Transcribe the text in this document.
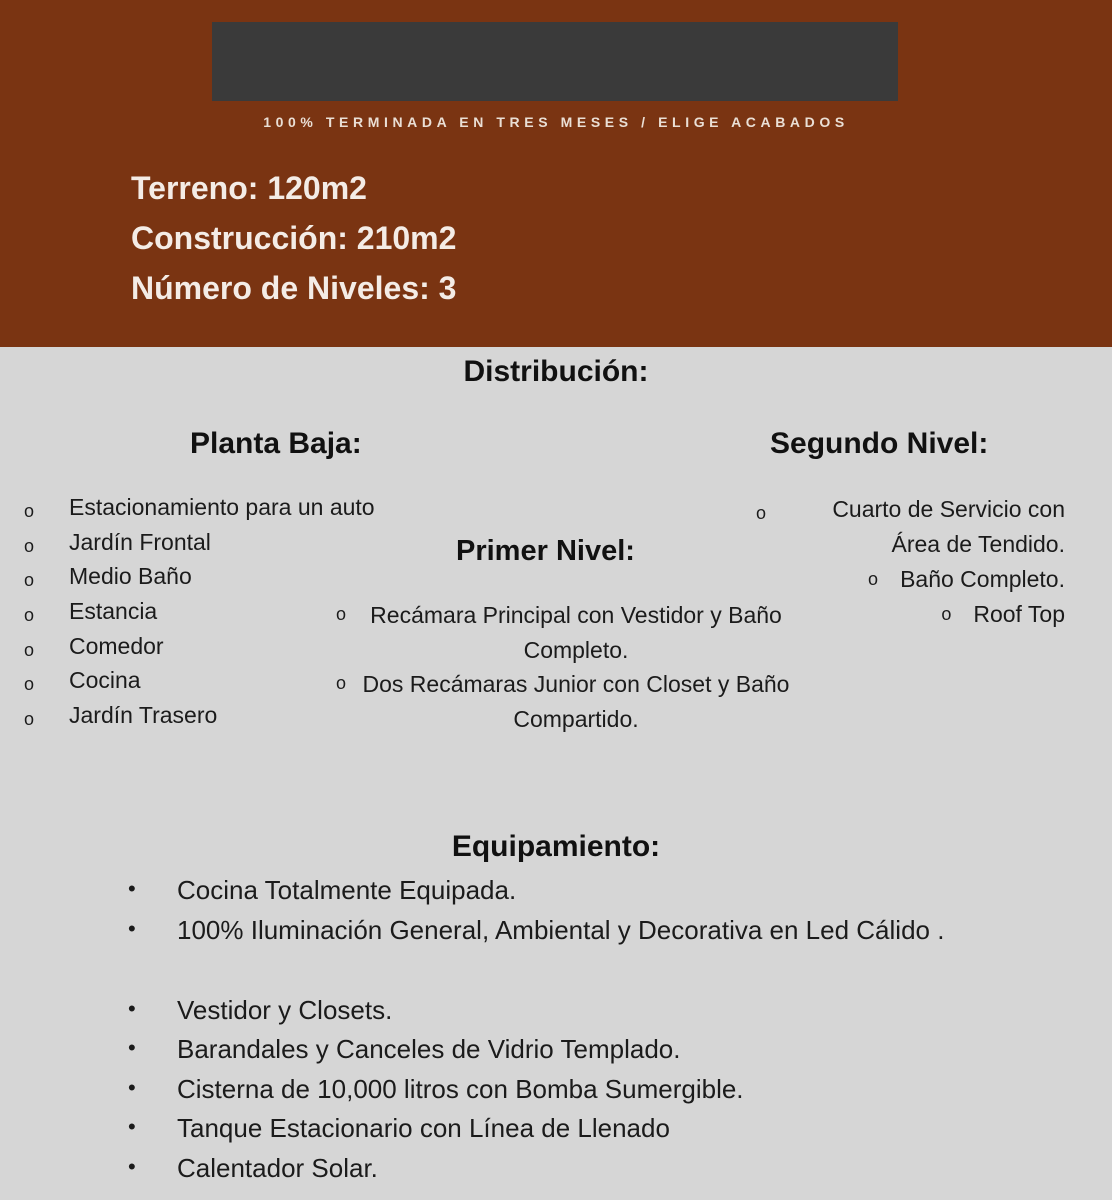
100% TERMINADA EN TRES MESES / ELIGE ACABADOS
Terreno: 120m2
Construcción: 210m2
Número de Niveles: 3
Distribución:
Planta Baja:
o Estacionamiento para un auto
o Jardín Frontal
o Medio Baño
o Estancia
o Comedor
o Cocina
o Jardín Trasero
Primer Nivel:
o	Recámara Principal con Vestidor y Baño Completo.
o Dos Recámaras Junior con Closet y Baño Compartido.
Segundo Nivel:
o	Cuarto de Servicio con Área de Tendido.
o Baño Completo.
o Roof Top
Equipamiento:
• Cocina Totalmente Equipada.
• 100% Iluminación General, Ambiental y Decorativa en Led Cálido .
• Vestidor y Closets.
• Barandales y Canceles de Vidrio Templado.
• Cisterna de 10,000 litros con Bomba Sumergible.
• Tanque Estacionario con Línea de Llenado
• Calentador Solar.
